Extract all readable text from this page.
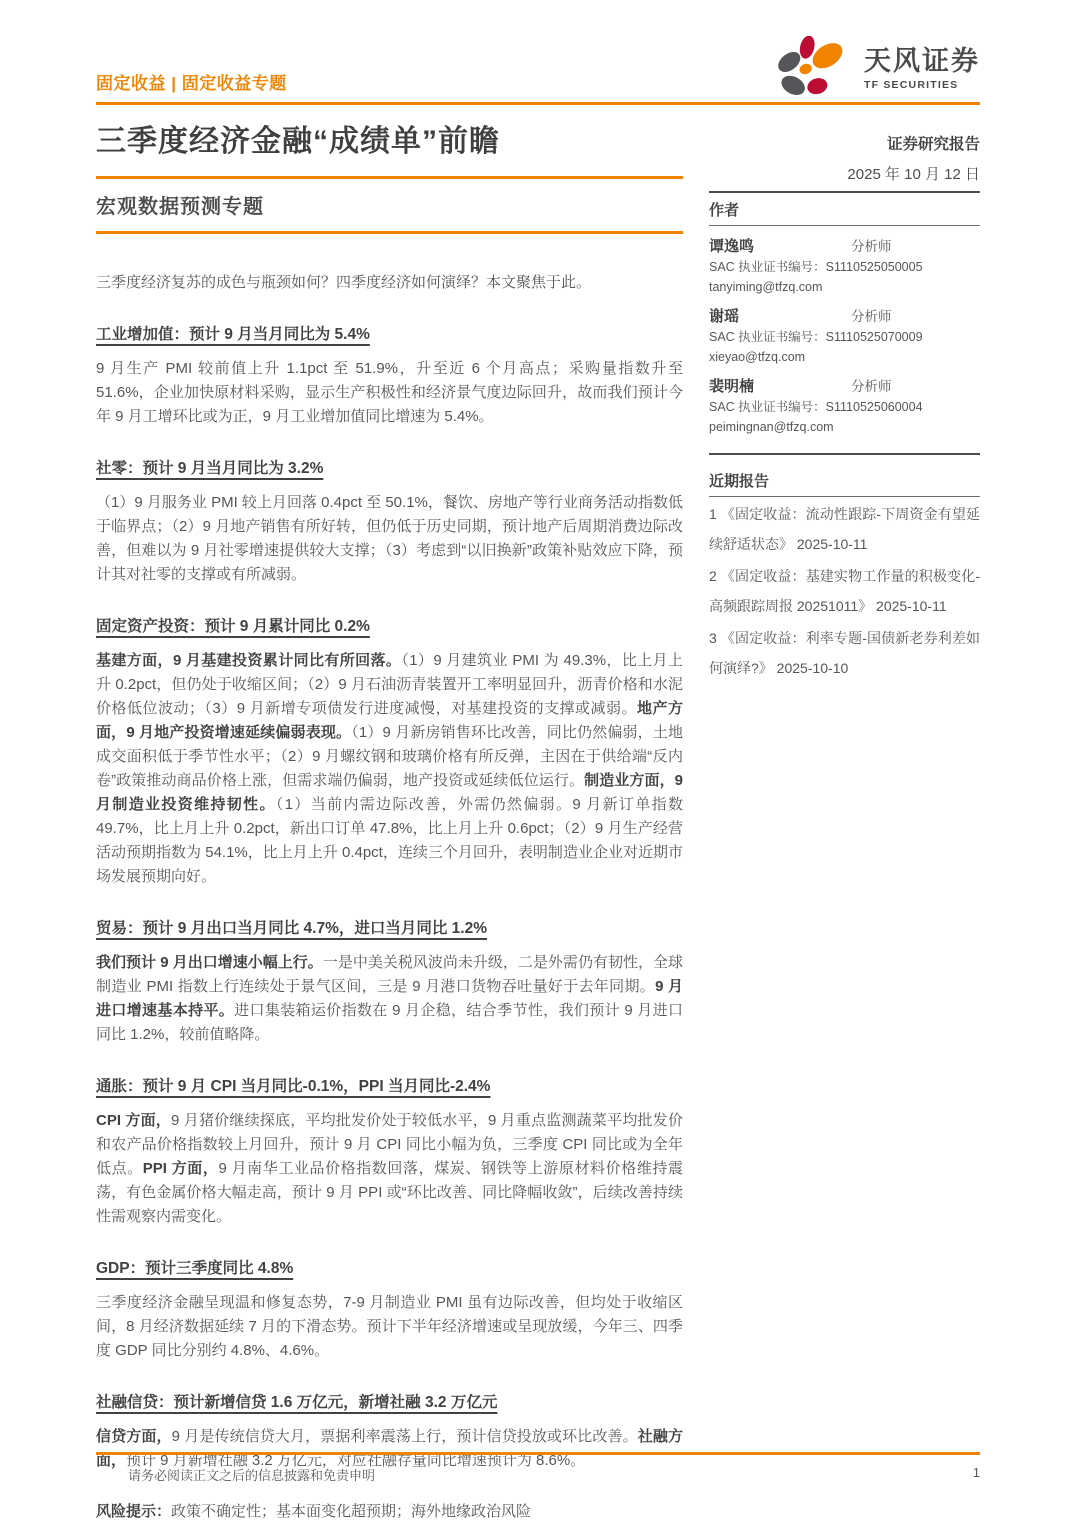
固定收益 | 固定收益专题
天风证券
TF SECURITIES
三季度经济金融“成绩单”前瞻
宏观数据预测专题

三季度经济复苏的成色与瓶颈如何？四季度经济如何演绎？本文聚焦于此。

工业增加值：预计 9 月当月同比为 5.4%

9 月生产 PMI 较前值上升 1.1pct 至 51.9%，升至近 6 个月高点；采购量指数升至 51.6%，企业加快原材料采购，显示生产积极性和经济景气度边际回升，故而我们预计今年 9 月工增环比或为正，9 月工业增加值同比增速为 5.4%。

社零：预计 9 月当月同比为 3.2%

（1）9 月服务业 PMI 较上月回落 0.4pct 至 50.1%，餐饮、房地产等行业商务活动指数低于临界点；（2）9 月地产销售有所好转，但仍低于历史同期，预计地产后周期消费边际改善，但难以为 9 月社零增速提供较大支撑；（3）考虑到“以旧换新”政策补贴效应下降，预计其对社零的支撑或有所减弱。

固定资产投资：预计 9 月累计同比 0.2%

基建方面，9 月基建投资累计同比有所回落。（1）9 月建筑业 PMI 为 49.3%，比上月上升 0.2pct，但仍处于收缩区间；（2）9 月石油沥青装置开工率明显回升，沥青价格和水泥价格低位波动；（3）9 月新增专项债发行进度减慢，对基建投资的支撑或减弱。地产方面，9 月地产投资增速延续偏弱表现。（1）9 月新房销售环比改善，同比仍然偏弱，土地成交面积低于季节性水平；（2）9 月螺纹钢和玻璃价格有所反弹，主因在于供给端“反内卷”政策推动商品价格上涨，但需求端仍偏弱，地产投资或延续低位运行。制造业方面，9 月制造业投资维持韧性。（1）当前内需边际改善，外需仍然偏弱。9 月新订单指数 49.7%，比上月上升 0.2pct，新出口订单 47.8%，比上月上升 0.6pct；（2）9 月生产经营活动预期指数为 54.1%，比上月上升 0.4pct，连续三个月回升，表明制造业企业对近期市场发展预期向好。

贸易：预计 9 月出口当月同比 4.7%，进口当月同比 1.2%

我们预计 9 月出口增速小幅上行。一是中美关税风波尚未升级，二是外需仍有韧性，全球制造业 PMI 指数上行连续处于景气区间，三是 9 月港口货物吞吐量好于去年同期。9 月进口增速基本持平。进口集装箱运价指数在 9 月企稳，结合季节性，我们预计 9 月进口同比 1.2%，较前值略降。

通胀：预计 9 月 CPI 当月同比-0.1%，PPI 当月同比-2.4%

CPI 方面，9 月猪价继续探底，平均批发价处于较低水平，9 月重点监测蔬菜平均批发价和农产品价格指数较上月回升，预计 9 月 CPI 同比小幅为负，三季度 CPI 同比或为全年低点。PPI 方面，9 月南华工业品价格指数回落，煤炭、钢铁等上游原材料价格维持震荡，有色金属价格大幅走高，预计 9 月 PPI 或“环比改善、同比降幅收敛”，后续改善持续性需观察内需变化。

GDP：预计三季度同比 4.8%

三季度经济金融呈现温和修复态势，7-9 月制造业 PMI 虽有边际改善，但均处于收缩区间，8 月经济数据延续 7 月的下滑态势。预计下半年经济增速或呈现放缓，今年三、四季度 GDP 同比分别约 4.8%、4.6%。

社融信贷：预计新增信贷 1.6 万亿元，新增社融 3.2 万亿元

信贷方面，9 月是传统信贷大月，票据利率震荡上行，预计信贷投放或环比改善。社融方面，预计 9 月新增社融 3.2 万亿元，对应社融存量同比增速预计为 8.6%。

风险提示：政策不确定性；基本面变化超预期；海外地缘政治风险

证券研究报告
2025 年 10 月 12 日
作者
谭逸鸣	分析师
SAC 执业证书编号：S1110525050005
tanyiming@tfzq.com
谢瑶	分析师
SAC 执业证书编号：S1110525070009
xieyao@tfzq.com
裴明楠	分析师
SAC 执业证书编号：S1110525060004
peimingnan@tfzq.com
近期报告
1 《固定收益：流动性跟踪-下周资金有望延续舒适状态》 2025-10-11
2 《固定收益：基建实物工作量的积极变化-高频跟踪周报 20251011》 2025-10-11
3 《固定收益：利率专题-国债新老券利差如何演绎?》 2025-10-10
请务必阅读正文之后的信息披露和免责申明	1
